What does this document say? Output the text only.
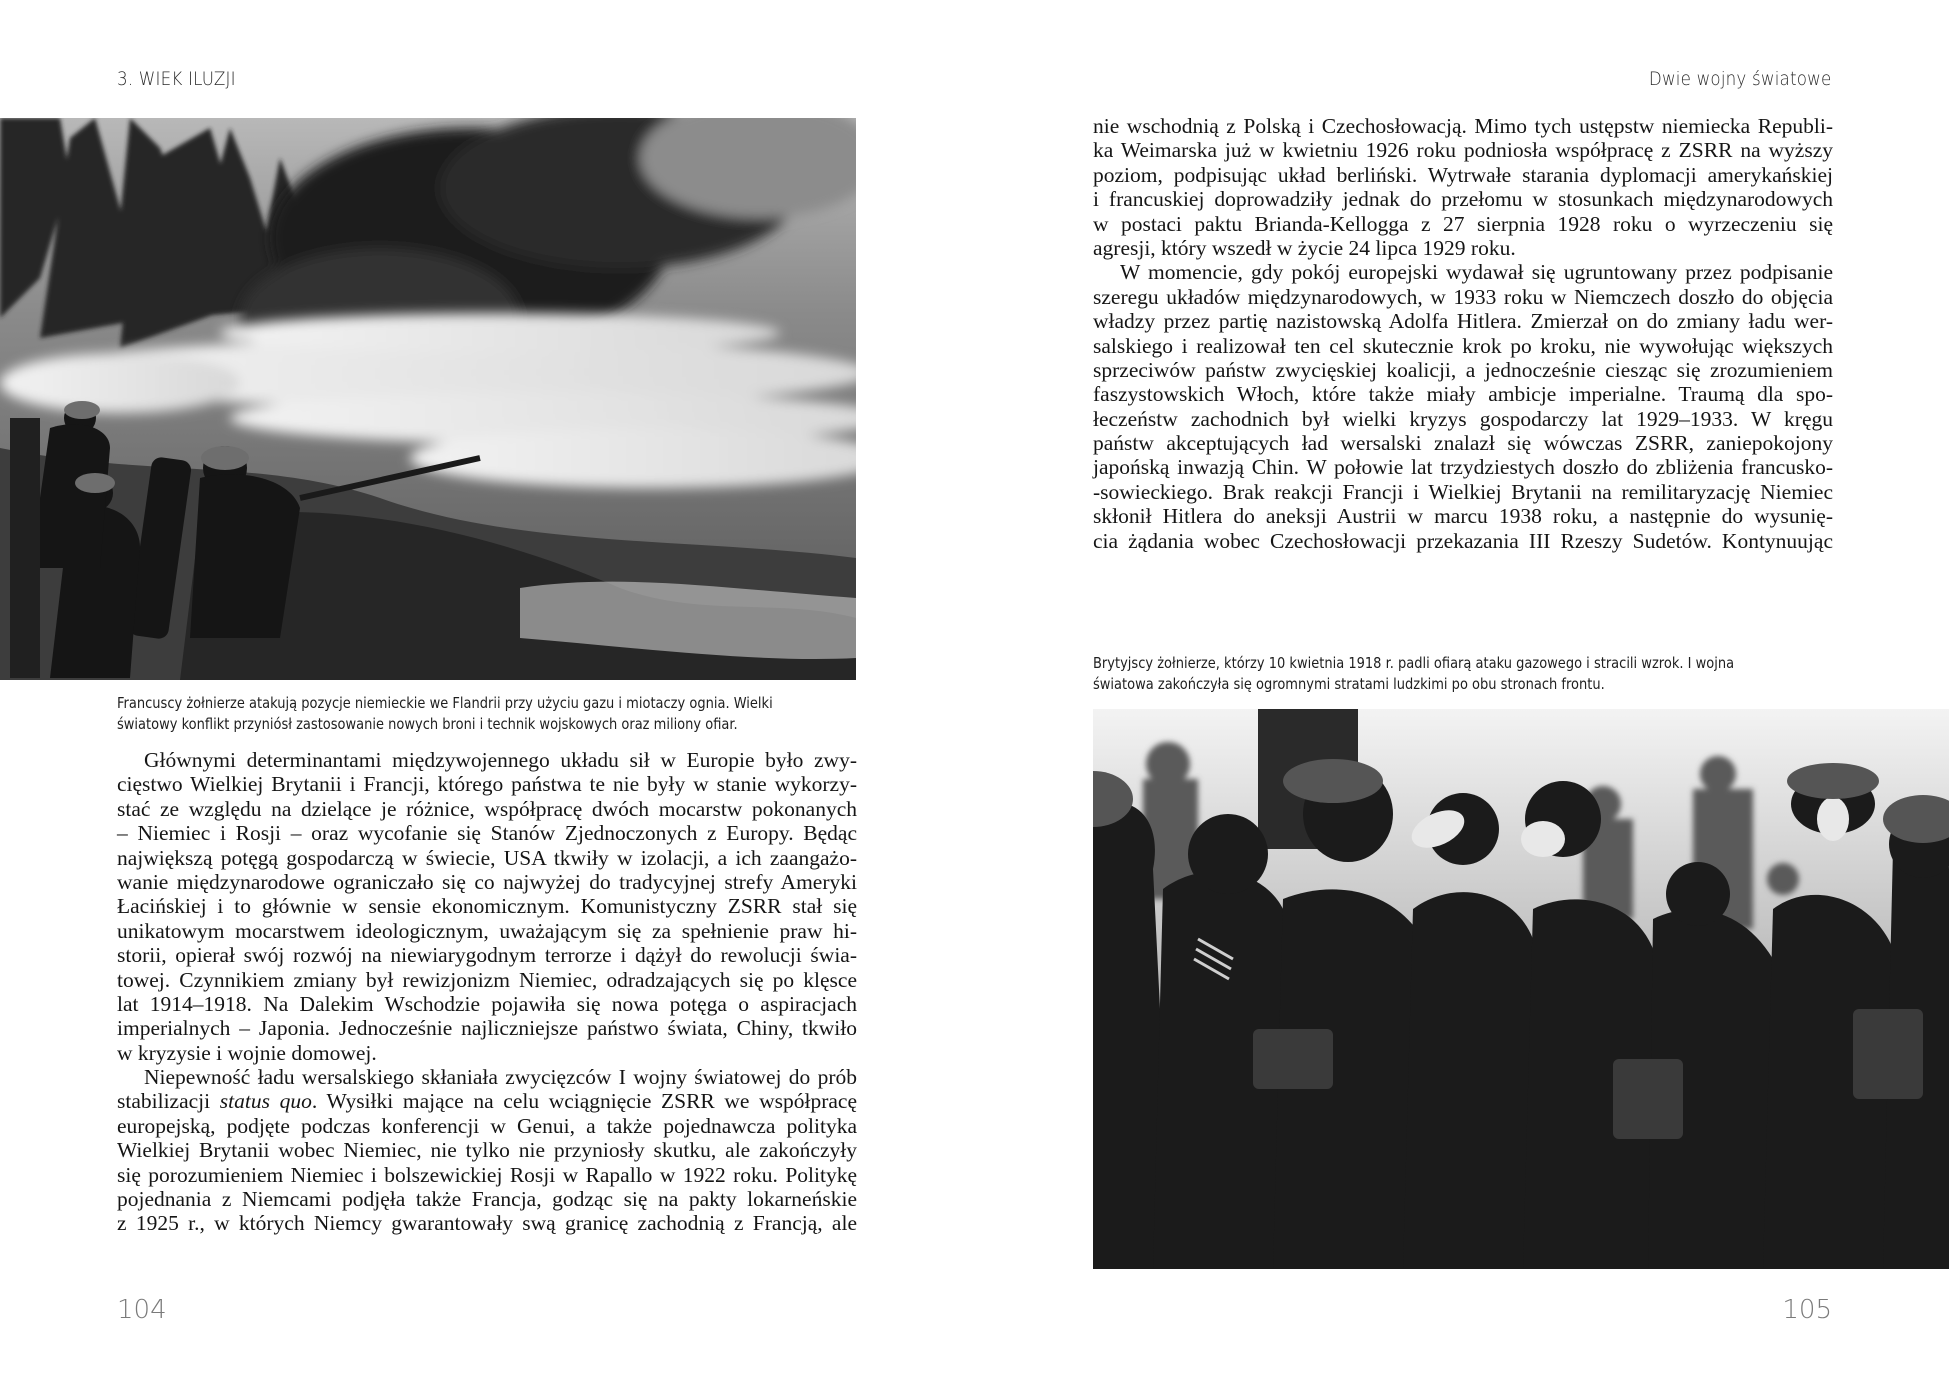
3. WIEK ILUZJI
Francuscy żołnierze atakują pozycje niemieckie we Flandrii przy użyciu gazu i miotaczy ognia. Wielki
światowy konflikt przyniósł zastosowanie nowych broni i technik wojskowych oraz miliony ofiar.
Głównymi determinantami międzywojennego układu sił w Europie było zwy-
cięstwo Wielkiej Brytanii i Francji, którego państwa te nie były w stanie wykorzy-
stać ze względu na dzielące je różnice, współpracę dwóch mocarstw pokonanych
– Niemiec i Rosji – oraz wycofanie się Stanów Zjednoczonych z Europy. Będąc
największą potęgą gospodarczą w świecie, USA tkwiły w izolacji, a ich zaangażo-
wanie międzynarodowe ograniczało się co najwyżej do tradycyjnej strefy Ameryki
Łacińskiej i to głównie w sensie ekonomicznym. Komunistyczny ZSRR stał się
unikatowym mocarstwem ideologicznym, uważającym się za spełnienie praw hi-
storii, opierał swój rozwój na niewiarygodnym terrorze i dążył do rewolucji świa-
towej. Czynnikiem zmiany był rewizjonizm Niemiec, odradzających się po klęsce
lat 1914–1918. Na Dalekim Wschodzie pojawiła się nowa potęga o aspiracjach
imperialnych – Japonia. Jednocześnie najliczniejsze państwo świata, Chiny, tkwiło
w kryzysie i wojnie domowej.
Niepewność ładu wersalskiego skłaniała zwycięzców I wojny światowej do prób
stabilizacji status quo. Wysiłki mające na celu wciągnięcie ZSRR we współpracę
europejską, podjęte podczas konferencji w Genui, a także pojednawcza polityka
Wielkiej Brytanii wobec Niemiec, nie tylko nie przyniosły skutku, ale zakończyły
się porozumieniem Niemiec i bolszewickiej Rosji w Rapallo w 1922 roku. Politykę
pojednania z Niemcami podjęła także Francja, godząc się na pakty lokarneńskie
z 1925 r., w których Niemcy gwarantowały swą granicę zachodnią z Francją, ale
104
Dwie wojny światowe
nie wschodnią z Polską i Czechosłowacją. Mimo tych ustępstw niemiecka Republi-
ka Weimarska już w kwietniu 1926 roku podniosła współpracę z ZSRR na wyższy
poziom, podpisując układ berliński. Wytrwałe starania dyplomacji amerykańskiej
i francuskiej doprowadziły jednak do przełomu w stosunkach międzynarodowych
w postaci paktu Brianda-Kellogga z 27 sierpnia 1928 roku o wyrzeczeniu się
agresji, który wszedł w życie 24 lipca 1929 roku.
W momencie, gdy pokój europejski wydawał się ugruntowany przez podpisanie
szeregu układów międzynarodowych, w 1933 roku w Niemczech doszło do objęcia
władzy przez partię nazistowską Adolfa Hitlera. Zmierzał on do zmiany ładu wer-
salskiego i realizował ten cel skutecznie krok po kroku, nie wywołując większych
sprzeciwów państw zwycięskiej koalicji, a jednocześnie ciesząc się zrozumieniem
faszystowskich Włoch, które także miały ambicje imperialne. Traumą dla spo-
łeczeństw zachodnich był wielki kryzys gospodarczy lat 1929–1933. W kręgu
państw akceptujących ład wersalski znalazł się wówczas ZSRR, zaniepokojony
japońską inwazją Chin. W połowie lat trzydziestych doszło do zbliżenia francusko-
-sowieckiego. Brak reakcji Francji i Wielkiej Brytanii na remilitaryzację Niemiec
skłonił Hitlera do aneksji Austrii w marcu 1938 roku, a następnie do wysunię-
cia żądania wobec Czechosłowacji przekazania III Rzeszy Sudetów. Kontynuując
Brytyjscy żołnierze, którzy 10 kwietnia 1918 r. padli ofiarą ataku gazowego i stracili wzrok. I wojna
światowa zakończyła się ogromnymi stratami ludzkimi po obu stronach frontu.
105
